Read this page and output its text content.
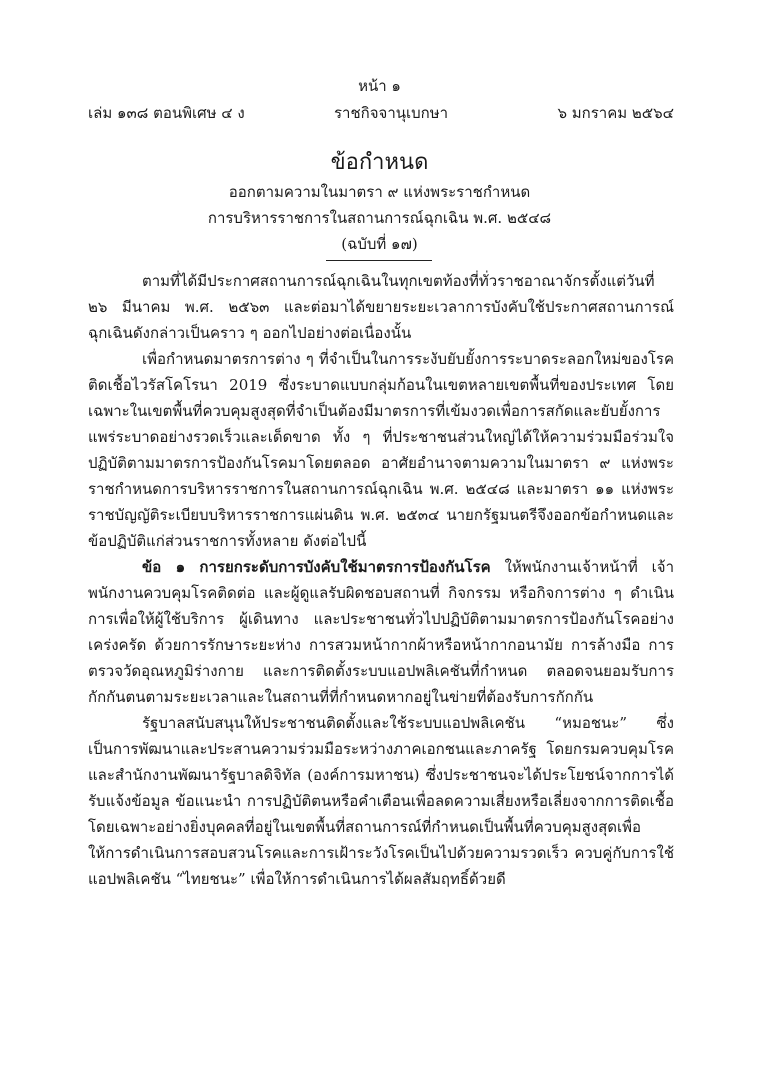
หน้า ๑
เล่ม ๑๓๘ ตอนพิเศษ ๔ ง	ราชกิจจานุเบกษา	๖ มกราคม ๒๕๖๔
ข้อกำหนด
ออกตามความในมาตรา ๙ แห่งพระราชกำหนด
การบริหารราชการในสถานการณ์ฉุกเฉิน พ.ศ. ๒๕๔๘
(ฉบับที่ ๑๗)

ตามที่ได้มีประกาศสถานการณ์ฉุกเฉินในทุกเขตท้องที่ทั่วราชอาณาจักรตั้งแต่วันที่ ๒๖ มีนาคม พ.ศ. ๒๕๖๓ และต่อมาได้ขยายระยะเวลาการบังคับใช้ประกาศสถานการณ์ฉุกเฉินดังกล่าวเป็นคราว ๆ ออกไปอย่างต่อเนื่องนั้น

เพื่อกำหนดมาตรการต่าง ๆ ที่จำเป็นในการระงับยับยั้งการระบาดระลอกใหม่ของโรคติดเชื้อไวรัสโคโรนา 2019 ซึ่งระบาดแบบกลุ่มก้อนในเขตหลายเขตพื้นที่ของประเทศ โดยเฉพาะในเขตพื้นที่ควบคุมสูงสุดที่จำเป็นต้องมีมาตรการที่เข้มงวดเพื่อการสกัดและยับยั้งการแพร่ระบาดอย่างรวดเร็วและเด็ดขาด ทั้ง ๆ ที่ประชาชนส่วนใหญ่ได้ให้ความร่วมมือร่วมใจปฏิบัติตามมาตรการป้องกันโรคมาโดยตลอด อาศัยอำนาจตามความในมาตรา ๙ แห่งพระราชกำหนดการบริหารราชการในสถานการณ์ฉุกเฉิน พ.ศ. ๒๕๔๘ และมาตรา ๑๑ แห่งพระราชบัญญัติระเบียบบริหารราชการแผ่นดิน พ.ศ. ๒๕๓๔ นายกรัฐมนตรีจึงออกข้อกำหนดและข้อปฏิบัติแก่ส่วนราชการทั้งหลาย ดังต่อไปนี้

ข้อ ๑ การยกระดับการบังคับใช้มาตรการป้องกันโรค ให้พนักงานเจ้าหน้าที่ เจ้าพนักงานควบคุมโรคติดต่อ และผู้ดูแลรับผิดชอบสถานที่ กิจกรรม หรือกิจการต่าง ๆ ดำเนินการเพื่อให้ผู้ใช้บริการ ผู้เดินทาง และประชาชนทั่วไปปฏิบัติตามมาตรการป้องกันโรคอย่างเคร่งครัด ด้วยการรักษาระยะห่าง การสวมหน้ากากผ้าหรือหน้ากากอนามัย การล้างมือ การตรวจวัดอุณหภูมิร่างกาย และการติดตั้งระบบแอปพลิเคชันที่กำหนด ตลอดจนยอมรับการกักกันตนตามระยะเวลาและในสถานที่ที่กำหนดหากอยู่ในข่ายที่ต้องรับการกักกัน

รัฐบาลสนับสนุนให้ประชาชนติดตั้งและใช้ระบบแอปพลิเคชัน “หมอชนะ” ซึ่งเป็นการพัฒนาและประสานความร่วมมือระหว่างภาคเอกชนและภาครัฐ โดยกรมควบคุมโรคและสำนักงานพัฒนารัฐบาลดิจิทัล (องค์การมหาชน) ซึ่งประชาชนจะได้ประโยชน์จากการได้รับแจ้งข้อมูล ข้อแนะนำ การปฏิบัติตนหรือคำเตือนเพื่อลดความเสี่ยงหรือเลี่ยงจากการติดเชื้อ โดยเฉพาะอย่างยิ่งบุคคลที่อยู่ในเขตพื้นที่สถานการณ์ที่กำหนดเป็นพื้นที่ควบคุมสูงสุดเพื่อให้การดำเนินการสอบสวนโรคและการเฝ้าระวังโรคเป็นไปด้วยความรวดเร็ว ควบคู่กับการใช้แอปพลิเคชัน “ไทยชนะ” เพื่อให้การดำเนินการได้ผลสัมฤทธิ์ด้วยดี
